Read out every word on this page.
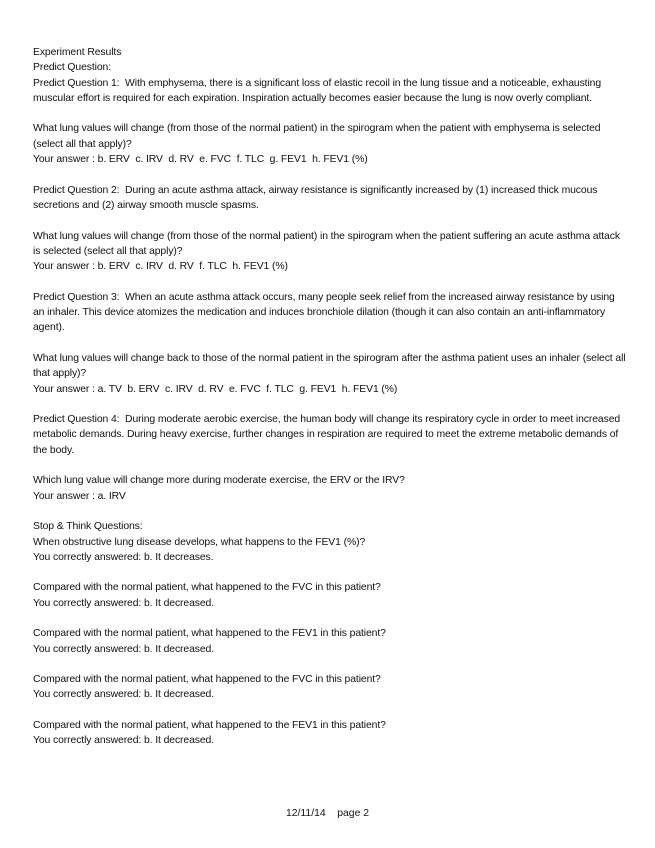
Experiment Results
Predict Question:
Predict Question 1:  With emphysema, there is a significant loss of elastic recoil in the lung tissue and a noticeable, exhausting muscular effort is required for each expiration. Inspiration actually becomes easier because the lung is now overly compliant.
What lung values will change (from those of the normal patient) in the spirogram when the patient with emphysema is selected (select all that apply)?
Your answer : b. ERV  c. IRV  d. RV  e. FVC  f. TLC  g. FEV1  h. FEV1 (%)
Predict Question 2:  During an acute asthma attack, airway resistance is significantly increased by (1) increased thick mucous secretions and (2) airway smooth muscle spasms.
What lung values will change (from those of the normal patient) in the spirogram when the patient suffering an acute asthma attack is selected (select all that apply)?
Your answer : b. ERV  c. IRV  d. RV  f. TLC  h. FEV1 (%)
Predict Question 3:  When an acute asthma attack occurs, many people seek relief from the increased airway resistance by using an inhaler. This device atomizes the medication and induces bronchiole dilation (though it can also contain an anti-inflammatory agent).
What lung values will change back to those of the normal patient in the spirogram after the asthma patient uses an inhaler (select all that apply)?
Your answer : a. TV  b. ERV  c. IRV  d. RV  e. FVC  f. TLC  g. FEV1  h. FEV1 (%)
Predict Question 4:  During moderate aerobic exercise, the human body will change its respiratory cycle in order to meet increased metabolic demands. During heavy exercise, further changes in respiration are required to meet the extreme metabolic demands of the body.
Which lung value will change more during moderate exercise, the ERV or the IRV?
Your answer : a. IRV
Stop & Think Questions:
When obstructive lung disease develops, what happens to the FEV1 (%)?
You correctly answered: b. It decreases.
Compared with the normal patient, what happened to the FVC in this patient?
You correctly answered: b. It decreased.
Compared with the normal patient, what happened to the FEV1 in this patient?
You correctly answered: b. It decreased.
Compared with the normal patient, what happened to the FVC in this patient?
You correctly answered: b. It decreased.
Compared with the normal patient, what happened to the FEV1 in this patient?
You correctly answered: b. It decreased.
12/11/14 page 2
